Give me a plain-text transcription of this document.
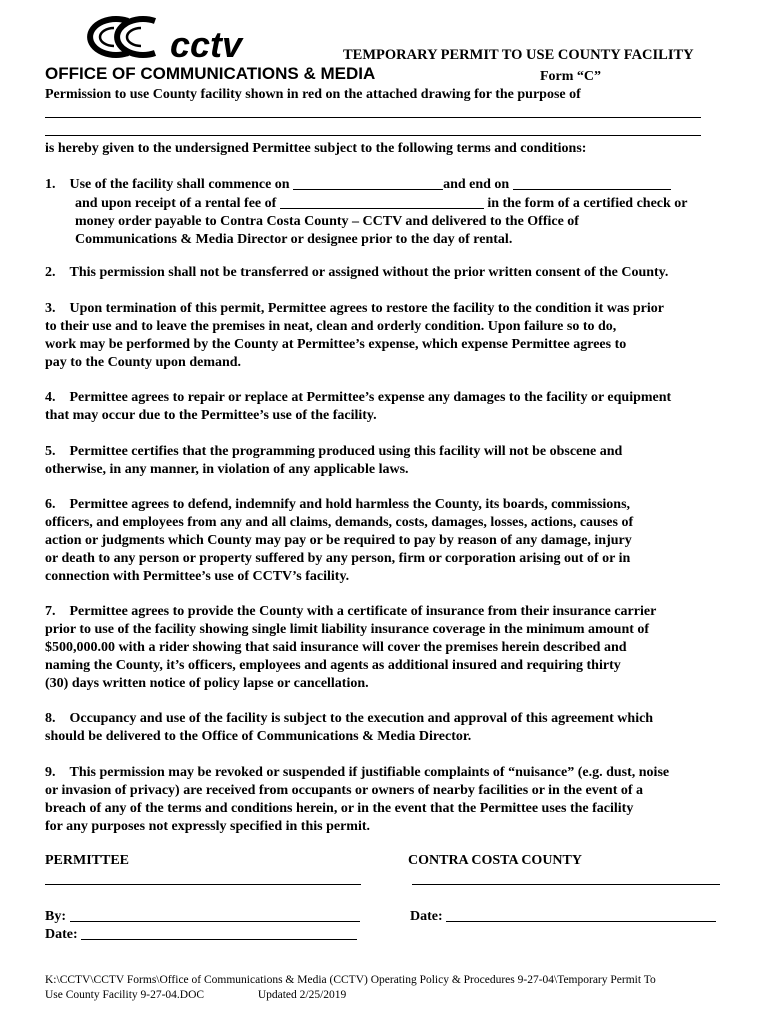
cctv	TEMPORARY PERMIT TO USE COUNTY FACILITY
OFFICE OF COMMUNICATIONS & MEDIA	Form “C”
Permission to use County facility shown in red on the attached drawing for the purpose of
is hereby given to the undersigned Permittee subject to the following terms and conditions:
1. Use of the facility shall commence on	and end on
and upon receipt of a rental fee of	in the form of a certified check or
money order payable to Contra Costa County – CCTV and delivered to the Office of
Communications & Media Director or designee prior to the day of rental.
2. This permission shall not be transferred or assigned without the prior written consent of the County.
3. Upon termination of this permit, Permittee agrees to restore the facility to the condition it was prior
to their use and to leave the premises in neat, clean and orderly condition. Upon failure so to do,
work may be performed by the County at Permittee’s expense, which expense Permittee agrees to
pay to the County upon demand.
4. Permittee agrees to repair or replace at Permittee’s expense any damages to the facility or equipment
that may occur due to the Permittee’s use of the facility.
5. Permittee certifies that the programming produced using this facility will not be obscene and
otherwise, in any manner, in violation of any applicable laws.
6. Permittee agrees to defend, indemnify and hold harmless the County, its boards, commissions,
officers, and employees from any and all claims, demands, costs, damages, losses, actions, causes of
action or judgments which County may pay or be required to pay by reason of any damage, injury
or death to any person or property suffered by any person, firm or corporation arising out of or in
connection with Permittee’s use of CCTV’s facility.
7. Permittee agrees to provide the County with a certificate of insurance from their insurance carrier
prior to use of the facility showing single limit liability insurance coverage in the minimum amount of
$500,000.00 with a rider showing that said insurance will cover the premises herein described and
naming the County, it’s officers, employees and agents as additional insured and requiring thirty
(30) days written notice of policy lapse or cancellation.
8. Occupancy and use of the facility is subject to the execution and approval of this agreement which
should be delivered to the Office of Communications & Media Director.
9. This permission may be revoked or suspended if justifiable complaints of “nuisance” (e.g. dust, noise
or invasion of privacy) are received from occupants or owners of nearby facilities or in the event of a
breach of any of the terms and conditions herein, or in the event that the Permittee uses the facility
for any purposes not expressly specified in this permit.
PERMITTEE	CONTRA COSTA COUNTY
By:	Date:
Date:
K:\CCTV\CCTV Forms\Office of Communications & Media (CCTV) Operating Policy & Procedures 9-27-04\Temporary Permit To
Use County Facility 9-27-04.DOC	Updated 2/25/2019
